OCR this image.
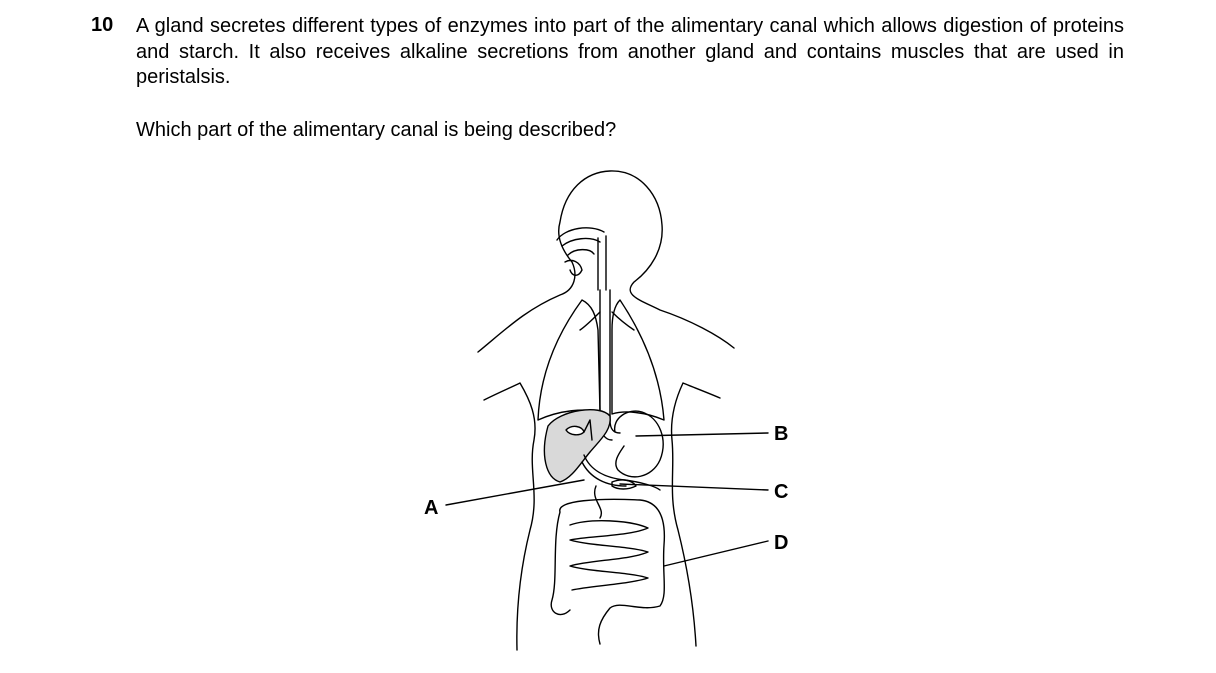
10 A gland secretes different types of enzymes into part of the alimentary canal which allows digestion of proteins and starch. It also receives alkaline secretions from another gland and contains muscles that are used in peristalsis.

Which part of the alimentary canal is being described?
A
B
C
D
